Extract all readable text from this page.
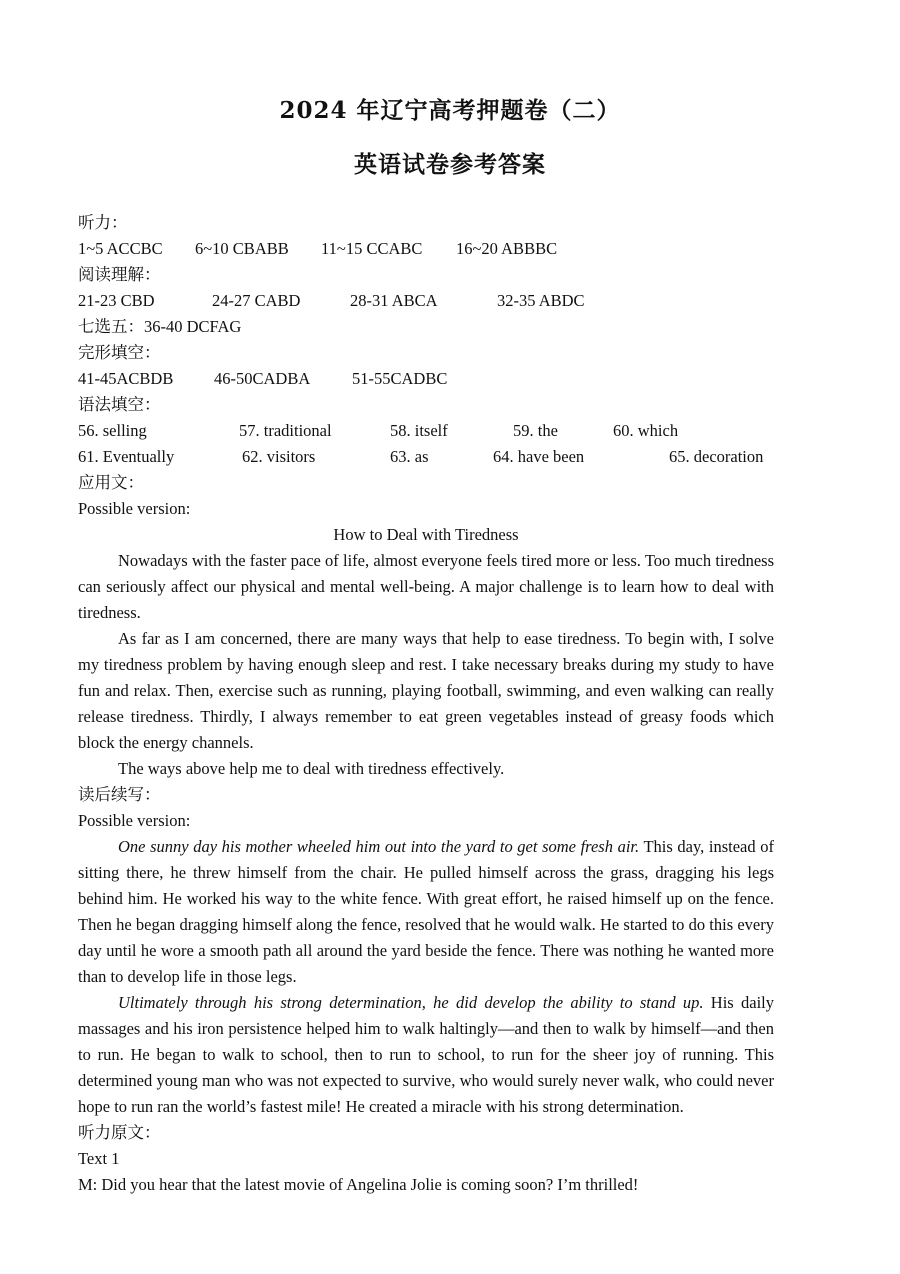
2024 年辽宁高考押题卷（二）
英语试卷参考答案
听力：
1~5 ACCBC 6~10 CBABB 11~15 CCABC 16~20 ABBBC
阅读理解：
21-23 CBD	24-27 CABD	28-31 ABCA	32-35 ABDC
七选五：36-40 DCFAG
完形填空：
41-45ACBDB 46-50CADBA	51-55CADBC
语法填空：
56. selling	57. traditional	58. itself	59. the	60. which
61. Eventually	62. visitors	63. as	64. have been	65. decoration
应用文：
Possible version:
How to Deal with Tiredness

Nowadays with the faster pace of life, almost everyone feels tired more or less. Too much tiredness can seriously affect our physical and mental well-being. A major challenge is to learn how to deal with tiredness.

As far as I am concerned, there are many ways that help to ease tiredness. To begin with, I solve my tiredness problem by having enough sleep and rest. I take necessary breaks during my study to have fun and relax. Then, exercise such as running, playing football, swimming, and even walking can really release tiredness. Thirdly, I always remember to eat green vegetables instead of greasy foods which block the energy channels.

The ways above help me to deal with tiredness effectively.

读后续写：
Possible version:

One sunny day his mother wheeled him out into the yard to get some fresh air. This day, instead of sitting there, he threw himself from the chair. He pulled himself across the grass, dragging his legs behind him. He worked his way to the white fence. With great effort, he raised himself up on the fence. Then he began dragging himself along the fence, resolved that he would walk. He started to do this every day until he wore a smooth path all around the yard beside the fence. There was nothing he wanted more than to develop life in those legs.

Ultimately through his strong determination, he did develop the ability to stand up. His daily massages and his iron persistence helped him to walk haltingly—and then to walk by himself—and then to run. He began to walk to school, then to run to school, to run for the sheer joy of running. This determined young man who was not expected to survive, who would surely never walk, who could never hope to run ran the world’s fastest mile! He created a miracle with his strong determination.

听力原文：
Text 1
M: Did you hear that the latest movie of Angelina Jolie is coming soon? I’m thrilled!
